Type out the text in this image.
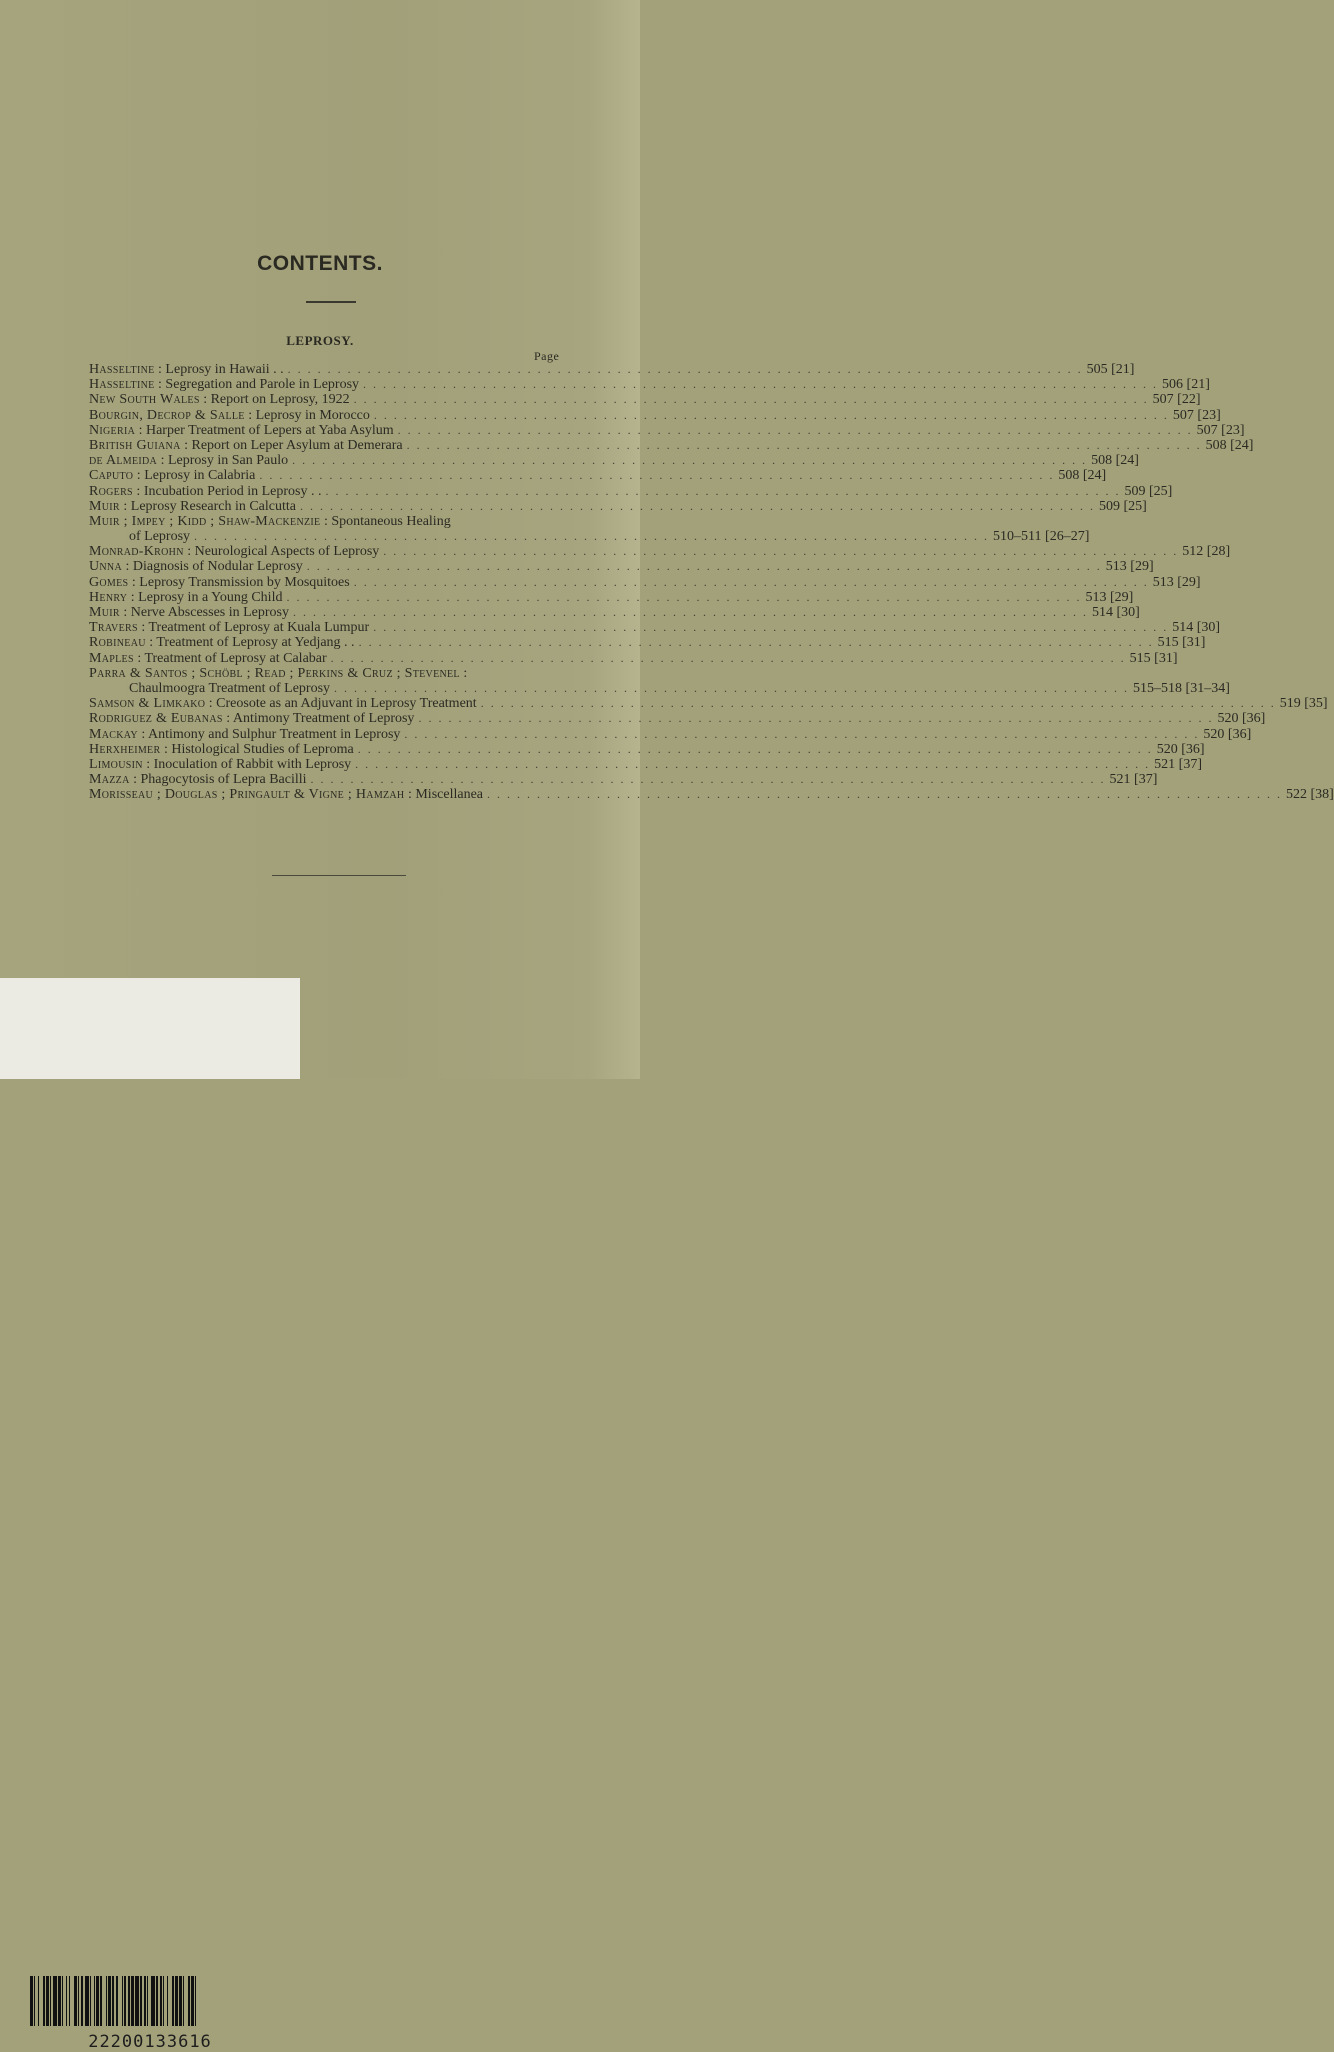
CONTENTS.
LEPROSY.
Page
Hasseltine : Leprosy in Hawaii . . . . . . . . . . . . . . . . . . . . . . . . . . . . . . . . . . . . . . . . . . . . . . . . . . . . . . . . . . . . . . . . . . . . . . . . . . . . . . . . . . 505 [21]
Hasseltine : Segregation and Parole in Leprosy . . . . . . . . . . . . . . . . . . . . . . . . . . . . . . . . . . . . . . . . . . . . . . . . . . . . . . . . . . . . . . . . . . . . . . . . . . . . . . . . 506 [21]
New South Wales : Report on Leprosy, 1922 . . . . . . . . . . . . . . . . . . . . . . . . . . . . . . . . . . . . . . . . . . . . . . . . . . . . . . . . . . . . . . . . . . . . . . . . . . . . . . . . 507 [22]
Bourgin, Decrop & Salle : Leprosy in Morocco . . . . . . . . . . . . . . . . . . . . . . . . . . . . . . . . . . . . . . . . . . . . . . . . . . . . . . . . . . . . . . . . . . . . . . . . . . . . . . . . 507 [23]
Nigeria : Harper Treatment of Lepers at Yaba Asylum . . . . . . . . . . . . . . . . . . . . . . . . . . . . . . . . . . . . . . . . . . . . . . . . . . . . . . . . . . . . . . . . . . . . . . . . . . . . . . . . 507 [23]
British Guiana : Report on Leper Asylum at Demerara . . . . . . . . . . . . . . . . . . . . . . . . . . . . . . . . . . . . . . . . . . . . . . . . . . . . . . . . . . . . . . . . . . . . . . . . . . . . . . . . 508 [24]
de Almeida : Leprosy in San Paulo . . . . . . . . . . . . . . . . . . . . . . . . . . . . . . . . . . . . . . . . . . . . . . . . . . . . . . . . . . . . . . . . . . . . . . . . . . . . . . . . 508 [24]
Caputo : Leprosy in Calabria . . . . . . . . . . . . . . . . . . . . . . . . . . . . . . . . . . . . . . . . . . . . . . . . . . . . . . . . . . . . . . . . . . . . . . . . . . . . . . . . 508 [24]
Rogers : Incubation Period in Leprosy . . . . . . . . . . . . . . . . . . . . . . . . . . . . . . . . . . . . . . . . . . . . . . . . . . . . . . . . . . . . . . . . . . . . . . . . . . . . . . . . . . 509 [25]
Muir : Leprosy Research in Calcutta . . . . . . . . . . . . . . . . . . . . . . . . . . . . . . . . . . . . . . . . . . . . . . . . . . . . . . . . . . . . . . . . . . . . . . . . . . . . . . . . 509 [25]
Muir ; Impey ; Kidd ; Shaw-Mackenzie : Spontaneous Healing
of Leprosy . . . . . . . . . . . . . . . . . . . . . . . . . . . . . . . . . . . . . . . . . . . . . . . . . . . . . . . . . . . . . . . . . . . . . . . . . . . . . . . . 510–511 [26–27]
Monrad-Krohn : Neurological Aspects of Leprosy . . . . . . . . . . . . . . . . . . . . . . . . . . . . . . . . . . . . . . . . . . . . . . . . . . . . . . . . . . . . . . . . . . . . . . . . . . . . . . . . 512 [28]
Unna : Diagnosis of Nodular Leprosy . . . . . . . . . . . . . . . . . . . . . . . . . . . . . . . . . . . . . . . . . . . . . . . . . . . . . . . . . . . . . . . . . . . . . . . . . . . . . . . . 513 [29]
Gomes : Leprosy Transmission by Mosquitoes . . . . . . . . . . . . . . . . . . . . . . . . . . . . . . . . . . . . . . . . . . . . . . . . . . . . . . . . . . . . . . . . . . . . . . . . . . . . . . . . 513 [29]
Henry : Leprosy in a Young Child . . . . . . . . . . . . . . . . . . . . . . . . . . . . . . . . . . . . . . . . . . . . . . . . . . . . . . . . . . . . . . . . . . . . . . . . . . . . . . . . 513 [29]
Muir : Nerve Abscesses in Leprosy . . . . . . . . . . . . . . . . . . . . . . . . . . . . . . . . . . . . . . . . . . . . . . . . . . . . . . . . . . . . . . . . . . . . . . . . . . . . . . . . 514 [30]
Travers : Treatment of Leprosy at Kuala Lumpur . . . . . . . . . . . . . . . . . . . . . . . . . . . . . . . . . . . . . . . . . . . . . . . . . . . . . . . . . . . . . . . . . . . . . . . . . . . . . . . . 514 [30]
Robineau : Treatment of Leprosy at Yedjang . . . . . . . . . . . . . . . . . . . . . . . . . . . . . . . . . . . . . . . . . . . . . . . . . . . . . . . . . . . . . . . . . . . . . . . . . . . . . . . . . . 515 [31]
Maples : Treatment of Leprosy at Calabar . . . . . . . . . . . . . . . . . . . . . . . . . . . . . . . . . . . . . . . . . . . . . . . . . . . . . . . . . . . . . . . . . . . . . . . . . . . . . . . . 515 [31]
Parra & Santos ; Schöbl ; Read ; Perkins & Cruz ; Stevenel :
Chaulmoogra Treatment of Leprosy . . . . . . . . . . . . . . . . . . . . . . . . . . . . . . . . . . . . . . . . . . . . . . . . . . . . . . . . . . . . . . . . . . . . . . . . . . . . . . . . 515–518 [31–34]
Samson & Limkako : Creosote as an Adjuvant in Leprosy Treatment . . . . . . . . . . . . . . . . . . . . . . . . . . . . . . . . . . . . . . . . . . . . . . . . . . . . . . . . . . . . . . . . . . . . . . . . . . . . . . . . 519 [35]
Rodriguez & Eubanas : Antimony Treatment of Leprosy . . . . . . . . . . . . . . . . . . . . . . . . . . . . . . . . . . . . . . . . . . . . . . . . . . . . . . . . . . . . . . . . . . . . . . . . . . . . . . . . 520 [36]
Mackay : Antimony and Sulphur Treatment in Leprosy . . . . . . . . . . . . . . . . . . . . . . . . . . . . . . . . . . . . . . . . . . . . . . . . . . . . . . . . . . . . . . . . . . . . . . . . . . . . . . . . 520 [36]
Herxheimer : Histological Studies of Leproma . . . . . . . . . . . . . . . . . . . . . . . . . . . . . . . . . . . . . . . . . . . . . . . . . . . . . . . . . . . . . . . . . . . . . . . . . . . . . . . . 520 [36]
Limousin : Inoculation of Rabbit with Leprosy . . . . . . . . . . . . . . . . . . . . . . . . . . . . . . . . . . . . . . . . . . . . . . . . . . . . . . . . . . . . . . . . . . . . . . . . . . . . . . . . 521 [37]
Mazza : Phagocytosis of Lepra Bacilli . . . . . . . . . . . . . . . . . . . . . . . . . . . . . . . . . . . . . . . . . . . . . . . . . . . . . . . . . . . . . . . . . . . . . . . . . . . . . . . . 521 [37]
Morisseau ; Douglas ; Pringault & Vigne ; Hamzah : Miscellanea . . . . . . . . . . . . . . . . . . . . . . . . . . . . . . . . . . . . . . . . . . . . . . . . . . . . . . . . . . . . . . . . . . . . . . . . . . . . . . . . 522 [38]
22200133616
